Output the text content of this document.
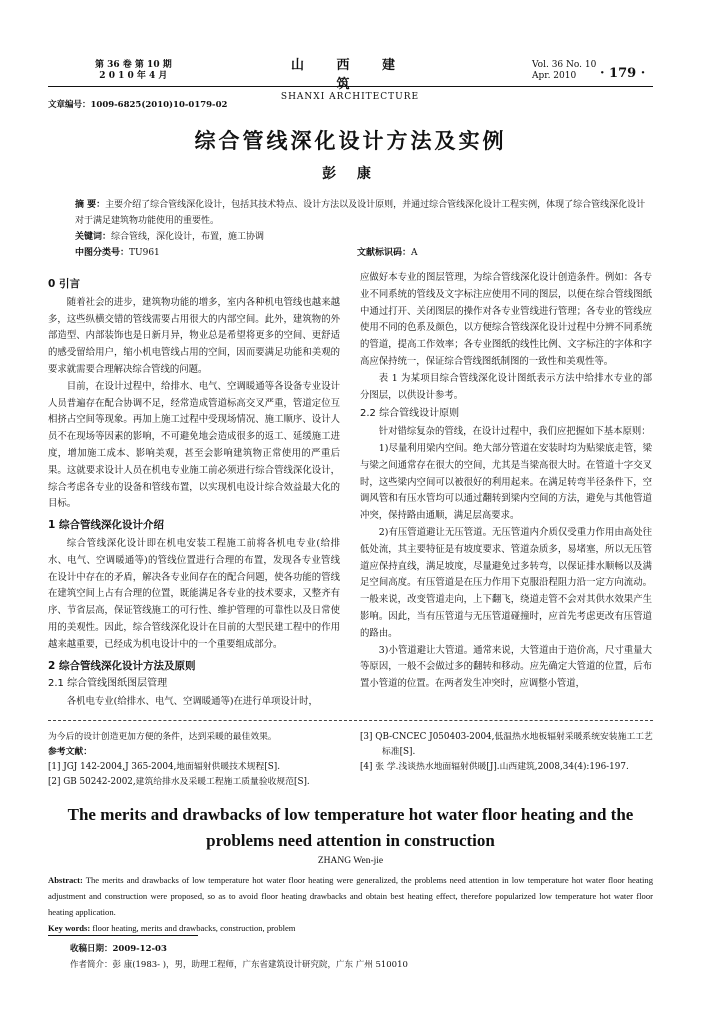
第 36 卷 第 10 期
2 0 1 0 年 4 月
山 西 建 筑
SHANXI ARCHITECTURE
Vol. 36 No. 10
Apr. 2010	· 179 ·
文章编号：1009-6825(2010)10-0179-02
综合管线深化设计方法及实例
彭 康
摘 要：主要介绍了综合管线深化设计，包括其技术特点、设计方法以及设计原则，并通过综合管线深化设计工程实例，体现了综合管线深化设计对于满足建筑物功能使用的重要性。
关键词：综合管线，深化设计，布置，施工协调
中图分类号：TU961	文献标识码：A
0 引言

随着社会的进步，建筑物功能的增多，室内各种机电管线也越来越多，这些纵横交错的管线需要占用很大的内部空间。此外，建筑物的外部造型、内部装饰也是日新月异，物业总是希望将更多的空间、更舒适的感受留给用户，缩小机电管线占用的空间，因而要满足功能和美观的要求就需要合理解决综合管线的问题。

目前，在设计过程中，给排水、电气、空调暖通等各设备专业设计人员普遍存在配合协调不足，经常造成管道标高交叉严重，管道定位互相挤占空间等现象。再加上施工过程中受现场情况、施工顺序、设计人员不在现场等因素的影响，不可避免地会造成很多的返工、延缓施工进度，增加施工成本、影响美观，甚至会影响建筑物正常使用的严重后果。这就要求设计人员在机电专业施工前必须进行综合管线深化设计，综合考虑各专业的设备和管线布置，以实现机电设计综合效益最大化的目标。

1 综合管线深化设计介绍

综合管线深化设计即在机电安装工程施工前将各机电专业(给排水、电气、空调暖通等)的管线位置进行合理的布置，发现各专业管线在设计中存在的矛盾，解决各专业间存在的配合问题，使各功能的管线在建筑空间上占有合理的位置，既能满足各专业的技术要求，又整齐有序、节省层高，保证管线施工的可行性、维护管理的可靠性以及日常使用的美观性。因此，综合管线深化设计在目前的大型民建工程中的作用越来越重要，已经成为机电设计中的一个重要组成部分。

2 综合管线深化设计方法及原则
2.1 综合管线图纸图层管理

各机电专业(给排水、电气、空调暖通等)在进行单项设计时，

应做好本专业的图层管理，为综合管线深化设计创造条件。例如：各专业不同系统的管线及文字标注应使用不同的图层，以便在综合管线图纸中通过打开、关闭图层的操作对各专业管线进行管理；各专业的管线应使用不同的色系及颜色，以方便综合管线深化设计过程中分辨不同系统的管道，提高工作效率；各专业图纸的线性比例、文字标注的字体和字高应保持统一，保证综合管线图纸制图的一致性和美观性等。

表 1 为某项目综合管线深化设计图纸表示方法中给排水专业的部分图层，以供设计参考。

2.2 综合管线设计原则

针对错综复杂的管线，在设计过程中，我们应把握如下基本原则：

1)尽量利用梁内空间。绝大部分管道在安装时均为贴梁底走管，梁与梁之间通常存在很大的空间，尤其是当梁高很大时。在管道十字交叉时，这些梁内空间可以被很好的利用起来。在满足转弯半径条件下，空调风管和有压水管均可以通过翻转到梁内空间的方法，避免与其他管道冲突，保持路由通顺，满足层高要求。

2)有压管道避让无压管道。无压管道内介质仅受重力作用由高处往低处流，其主要特征是有坡度要求、管道杂质多，易堵塞，所以无压管道应保持直线，满足坡度，尽量避免过多转弯，以保证排水顺畅以及满足空间高度。有压管道是在压力作用下克服沿程阻力沿一定方向流动。一般来说，改变管道走向，上下翻飞，绕道走管不会对其供水效果产生影响。因此，当有压管道与无压管道碰撞时，应首先考虑更改有压管道的路由。

3)小管道避让大管道。通常来说，大管道由于造价高，尺寸重量大等原因，一般不会做过多的翻转和移动。应先确定大管道的位置，后布置小管道的位置。在两者发生冲突时，应调整小管道，

为今后的设计创造更加方便的条件，达到采暖的最佳效果。
参考文献：
[1] JGJ 142-2004,J 365-2004,地面辐射供暖技术规程[S].
[2] GB 50242-2002,建筑给排水及采暖工程施工质量验收规范[S].
[3] QB-CNCEC J050403-2004,低温热水地板辐射采暖系统安装施工工艺标准[S].
[4] 张 学.浅谈热水地面辐射供暖[J].山西建筑,2008,34(4):196-197.
The merits and drawbacks of low temperature hot water floor heating and the problems need attention in construction
ZHANG Wen-jie
Abstract: The merits and drawbacks of low temperature hot water floor heating were generalized, the problems need attention in low temperature hot water floor heating adjustment and construction were proposed, so as to avoid floor heating drawbacks and obtain best heating effect, therefore popularized low temperature hot water floor heating application.
Key words: floor heating, merits and drawbacks, construction, problem
收稿日期：2009-12-03
作者简介：彭 康(1983- )，男，助理工程师，广东省建筑设计研究院，广东 广州 510010
